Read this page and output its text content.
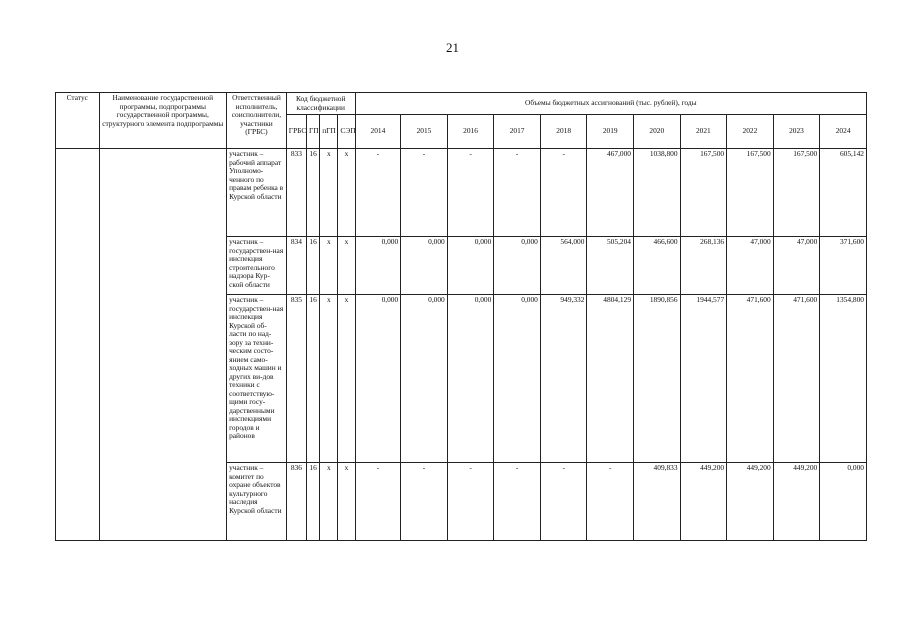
21
Статус	Наименование государственной программы, подпрограммы государственной программы, структурного элемента подпрограммы	Ответственный исполнитель, соисполнители, участники (ГРБС)	Код бюджетной классификации				Объемы бюджетных ассигнований (тыс. рублей), годы										
			ГРБС	ГП	пГП	СЭП	2014	2015	2016	2017	2018	2019	2020	2021	2022	2023	2024
		участник – рабочий аппарат Уполномо-ченного по правам ребенка в Курской области	833	16	х	х	-	-	-	-	-	467,000	1038,800	167,500	167,500	167,500	605,142
		участник – государствен-ная инспекция строительного надзора Кур-ской области	834	16	х	х	0,000	0,000	0,000	0,000	564,000	505,204	466,600	268,136	47,000	47,000	371,600
		участник – государствен-ная инспекция Курской об-ласти по над-зору за техни-ческим состо-янием само-ходных машин и других ви-дов техники с соответствую-щими госу-дарственными инспекциями городов и районов	835	16	х	х	0,000	0,000	0,000	0,000	949,332	4804,129	1890,856	1944,577	471,600	471,600	1354,800
		участник – комитет по охране объектов культурного наследия Курской области	836	16	х	х	-	-	-	-	-	-	409,833	449,200	449,200	449,200	0,000
